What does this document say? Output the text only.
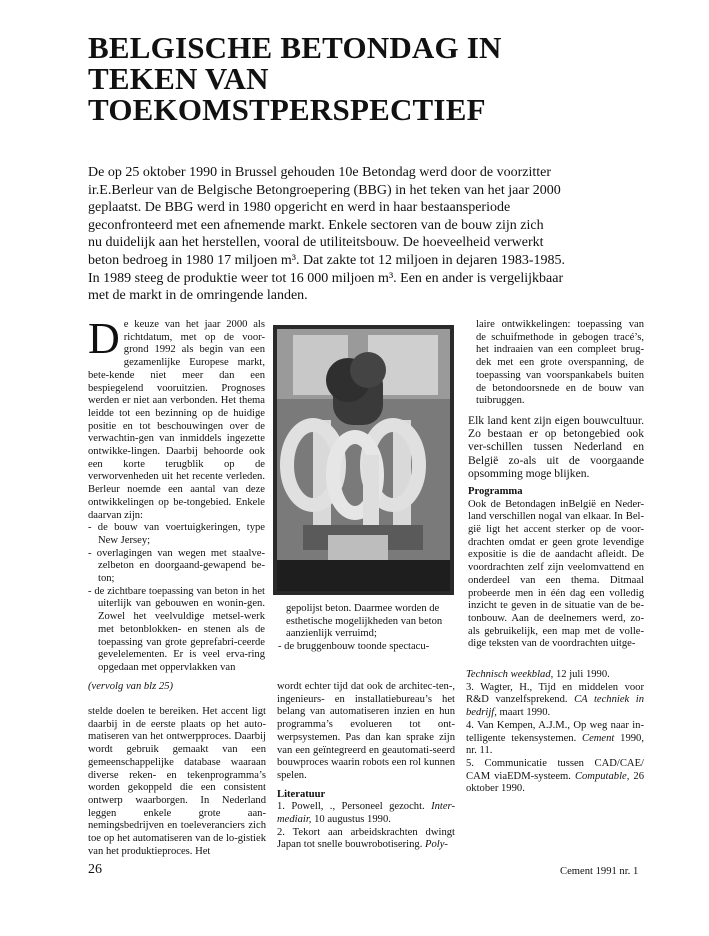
BELGISCHE BETONDAG IN
TEKEN VAN
TOEKOMSTPERSPECTIEF
De op 25 oktober 1990 in Brussel gehouden 10e Betondag werd door de voorzitter
ir.E.Berleur van de Belgische Betongroepering (BBG) in het teken van het jaar 2000
geplaatst. De BBG werd in 1980 opgericht en werd in haar bestaansperiode
geconfronteerd met een afnemende markt. Enkele sectoren van de bouw zijn zich
nu duidelijk aan het herstellen, vooral de utiliteitsbouw. De hoeveelheid verwerkt
beton bedroeg in 1980 17 miljoen m³. Dat zakte tot 12 miljoen in dejaren 1983-1985.
In 1989 steeg de produktie weer tot 16 000 miljoen m³. Een en ander is vergelijkbaar
met de markt in de omringende landen.
D e keuze van het jaar 2000 als richtdatum, met op de voor-grond 1992 als begin van een gezamenlijke Europese markt, bete-kende niet meer dan een bespiegelend vooruitzien. Prognoses werden er niet aan verbonden. Het thema leidde tot een bezinning op de huidige positie en tot beschouwingen over de verwachtin-gen van inmiddels ingezette ontwikke-lingen. Daarbij behoorde ook een korte terugblik op de verworvenheden uit het recente verleden. Berleur noemde een aantal van deze ontwikkelingen op be-tongebied. Enkele daarvan zijn:

- de bouw van voertuigkeringen, type New Jersey;
- overlagingen van wegen met staalve-zelbeton en doorgaand-gewapend be-ton;
- de zichtbare toepassing van beton in het uiterlijk van gebouwen en wonin-gen. Zowel het veelvuldige metsel-werk met betonblokken- en stenen als de toepassing van grote geprefabri-ceerde gevelelementen. Er is veel erva-ring opgedaan met oppervlakken van
gepolijst beton. Daarmee worden de
esthetische mogelijkheden van beton
aanzienlijk verruimd;
- de bruggenbouw toonde spectacu-

laire ontwikkelingen: toepassing van de schuifmethode in gebogen tracé’s, het indraaien van een compleet brug-dek met een grote overspanning, de toepassing van voorspankabels buiten de betondoorsnede en de bouw van tuibruggen.

Elk land kent zijn eigen bouwcultuur. Zo bestaan er op betongebied ook ver-schillen tussen Nederland en België zo-als uit de voorgaande opsomming moge blijken.

Programma

Ook de Betondagen inBelgië en Neder-land verschillen nogal van elkaar. In Bel-gië ligt het accent sterker op de voor-drachten omdat er geen grote levendige expositie is die de aandacht afleidt. De voordrachten zelf zijn veelomvattend en onderdeel van een thema. Ditmaal probeerde men in één dag een volledig inzicht te geven in de situatie van de be-tonbouw. Aan de deelnemers werd, zo-als gebruikelijk, een map met de volle-dige teksten van de voordrachten uitge-

(vervolg van blz 25)

stelde doelen te bereiken. Het accent ligt daarbij in de eerste plaats op het auto-matiseren van het ontwerpproces. Daarbij wordt gebruik gemaakt van een gemeenschappelijke database waaraan diverse reken- en tekenprogramma’s worden gekoppeld die een consistent ontwerp waarborgen. In Nederland leggen enkele grote aan-nemingsbedrijven en toeleveranciers zich toe op het automatiseren van de lo-gistiek van het produktieproces. Het

wordt echter tijd dat ook de architec-ten-, ingenieurs- en installatiebureau’s het belang van automatiseren inzien en hun programma’s evolueren tot ont-werpsystemen. Pas dan kan sprake zijn van een geïntegreerd en geautomati-seerd bouwproces waarin robots een rol kunnen spelen.

Literatuur

1. Powell, ., Personeel gezocht. Inter-mediair, 10 augustus 1990.

2. Tekort aan arbeidskrachten dwingt Japan tot snelle bouwrobotisering. Poly-

Technisch weekblad, 12 juli 1990.

3. Wagter, H., Tijd en middelen voor R&D vanzelfsprekend. CA techniek in bedrijf, maart 1990.

4. Van Kempen, A.J.M., Op weg naar in-telligente tekensystemen. Cement 1990, nr. 11.

5. Communicatie tussen CAD/CAE/ CAM viaEDM-systeem. Computable, 26 oktober 1990.

26	Cement 1991 nr. 1
